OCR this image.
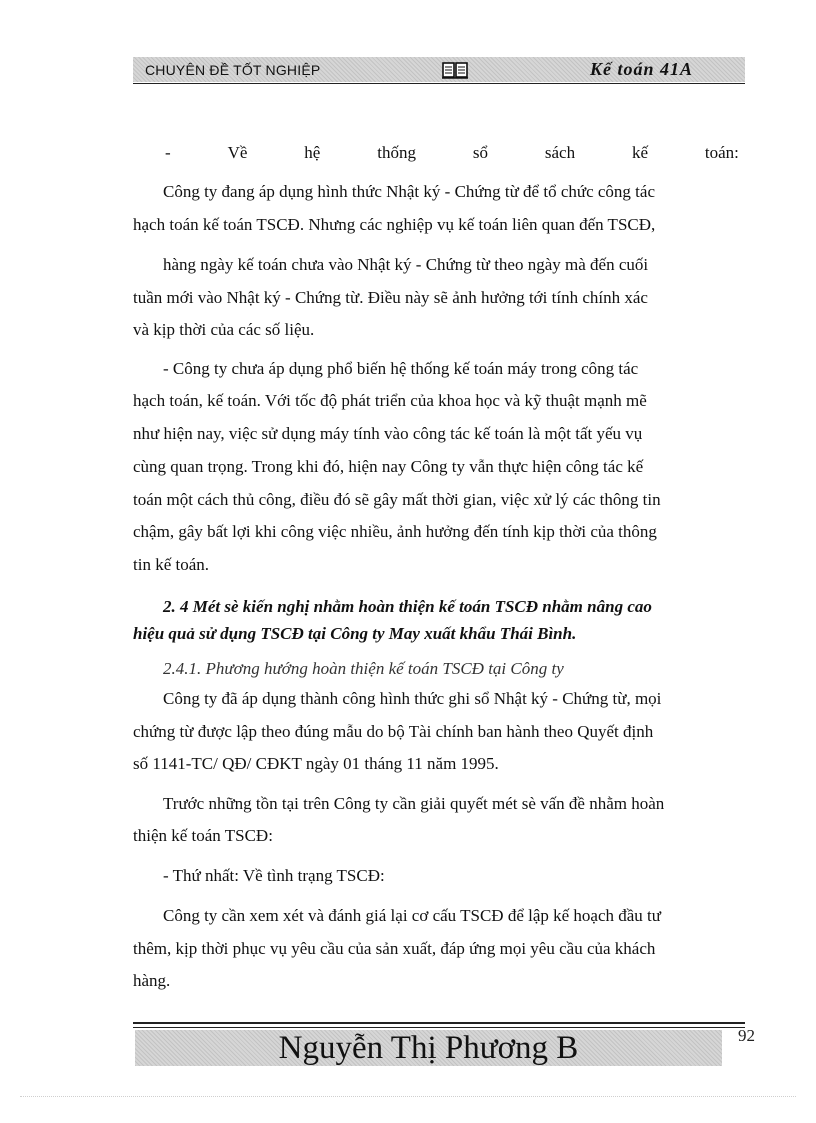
CHUYÊN ĐỀ TỐT NGHIỆP	Kế toán 41A
-	Về	hệ	thống	sổ	sách	kế	toán:

Công ty đang áp dụng hình thức Nhật ký - Chứng từ để tổ chức công tác

hạch toán kế toán TSCĐ. Nhưng các nghiệp vụ kế toán liên quan đến TSCĐ,

hàng ngày kế toán chưa vào Nhật ký - Chứng từ theo ngày mà đến cuối

tuần mới vào Nhật ký - Chứng từ. Điều này sẽ ảnh hưởng tới tính chính xác

và kịp thời của các số liệu.

- Công ty chưa áp dụng phổ biến hệ thống kế toán máy trong công tác

hạch toán, kế toán. Với tốc độ phát triển của khoa học và kỹ thuật mạnh mẽ

như hiện nay, việc sử dụng máy tính vào công tác kế toán là một tất yếu vụ

cùng quan trọng. Trong khi đó, hiện nay Công ty vẫn thực hiện công tác kế

toán một cách thủ công, điều đó sẽ gây mất thời gian, việc xử lý các thông tin

chậm, gây bất lợi khi công việc nhiều, ảnh hưởng đến tính kịp thời của thông

tin kế toán.

2. 4 Mét sè kiến nghị nhằm hoàn thiện kế toán TSCĐ nhằm nâng cao

hiệu quả sử dụng TSCĐ tại Công ty May xuất khẩu Thái Bình.

2.4.1. Phương hướng hoàn thiện kế toán TSCĐ tại Công ty

Công ty đã áp dụng thành công hình thức ghi sổ Nhật ký - Chứng từ, mọi

chứng từ được lập theo đúng mẫu do bộ Tài chính ban hành theo Quyết định

số 1141-TC/ QĐ/ CĐKT ngày 01 tháng 11 năm 1995.

Trước những tồn tại trên Công ty cần giải quyết mét sè vấn đề nhằm hoàn

thiện kế toán TSCĐ:

- Thứ nhất: Về tình trạng TSCĐ:

Công ty cần xem xét và đánh giá lại cơ cấu TSCĐ để lập kế hoạch đầu tư

thêm, kịp thời phục vụ yêu cầu của sản xuất, đáp ứng mọi yêu cầu của khách

hàng.

Nguyễn Thị Phương B	92
